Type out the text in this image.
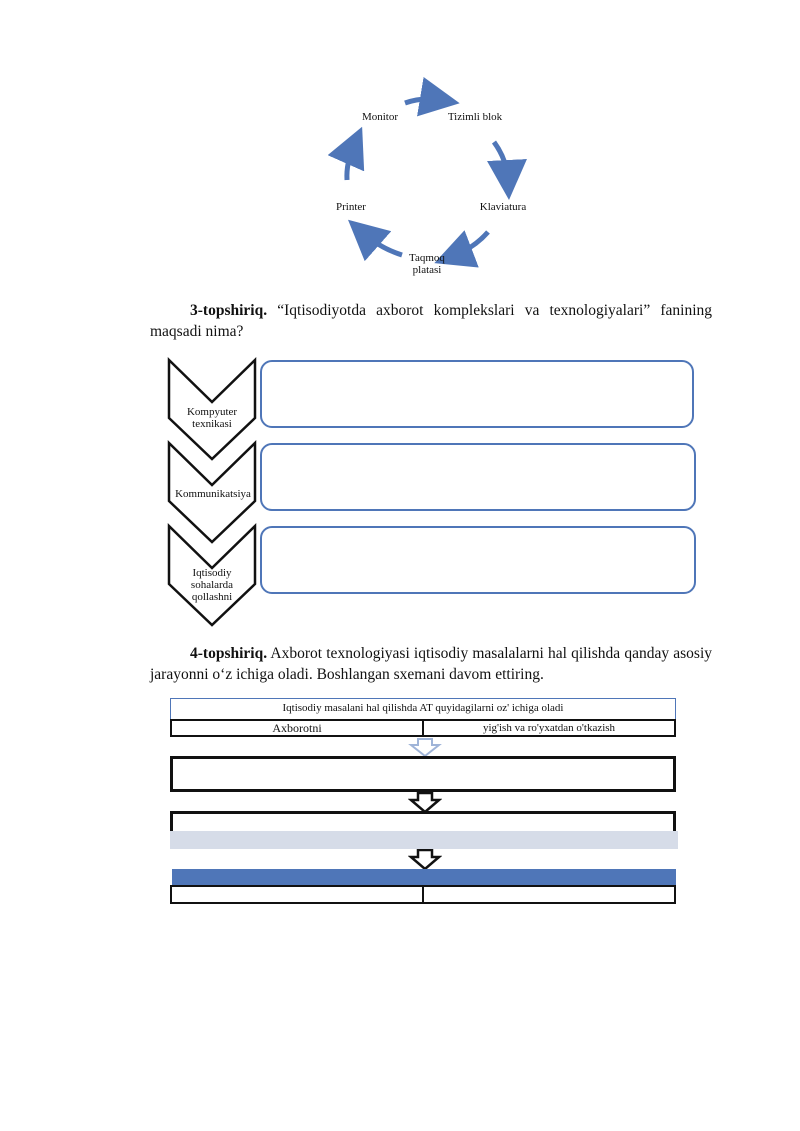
Tizimli blok
Klaviatura
Taqmoq platasi
Printer
Monitor
3-topshiriq. “Iqtisodiyotda axborot komplekslari va texnologiyalari” fanining maqsadi nima?
Kompyuter texnikasi
Kommunikatsiya
Iqtisodiy sohalarda qollashni
4-topshiriq. Axborot texnologiyasi iqtisodiy masalalarni hal qilishda qanday asosiy jarayonni o‘z ichiga oladi. Boshlangan sxemani davom ettiring.
Iqtisodiy masalani hal qilishda AT quyidagilarni oz' ichiga oladi
Axborotni	yig'ish va ro'yxatdan o'tkazish
